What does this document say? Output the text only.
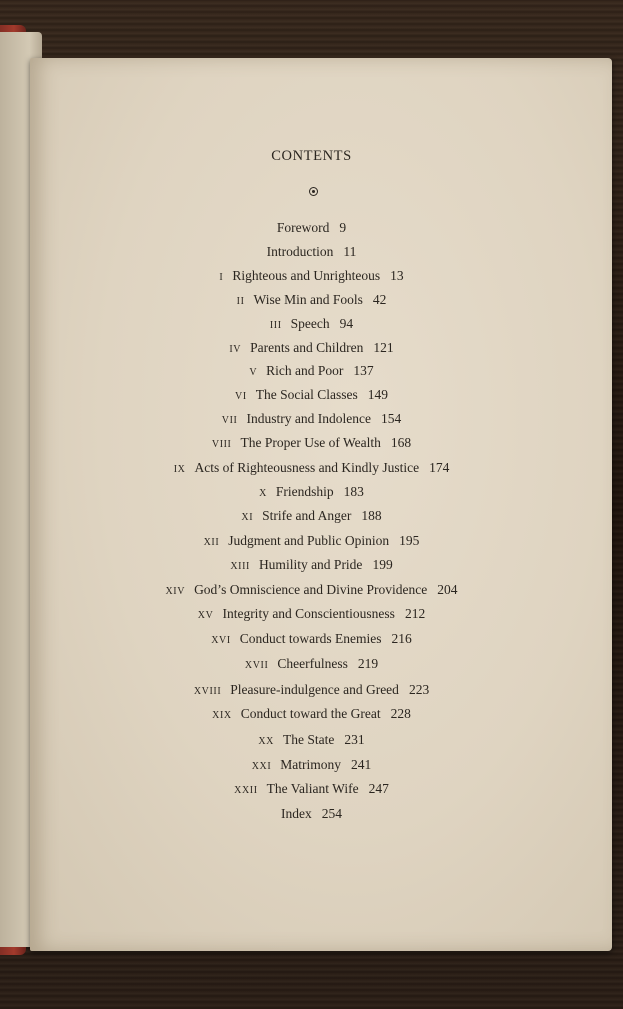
CONTENTS
Foreword 9
Introduction 11
I Righteous and Unrighteous 13
II Wise Min and Fools 42
III Speech 94
IV Parents and Children 121
V Rich and Poor 137
VI The Social Classes 149
VII Industry and Indolence 154
VIII The Proper Use of Wealth 168
IX Acts of Righteousness and Kindly Justice 174
X Friendship 183
XI Strife and Anger 188
XII Judgment and Public Opinion 195
XIII Humility and Pride 199
XIV God’s Omniscience and Divine Providence 204
XV Integrity and Conscientiousness 212
XVI Conduct towards Enemies 216
XVII Cheerfulness 219
XVIII Pleasure-indulgence and Greed 223
XIX Conduct toward the Great 228
XX The State 231
XXI Matrimony 241
XXII The Valiant Wife 247
Index 254
